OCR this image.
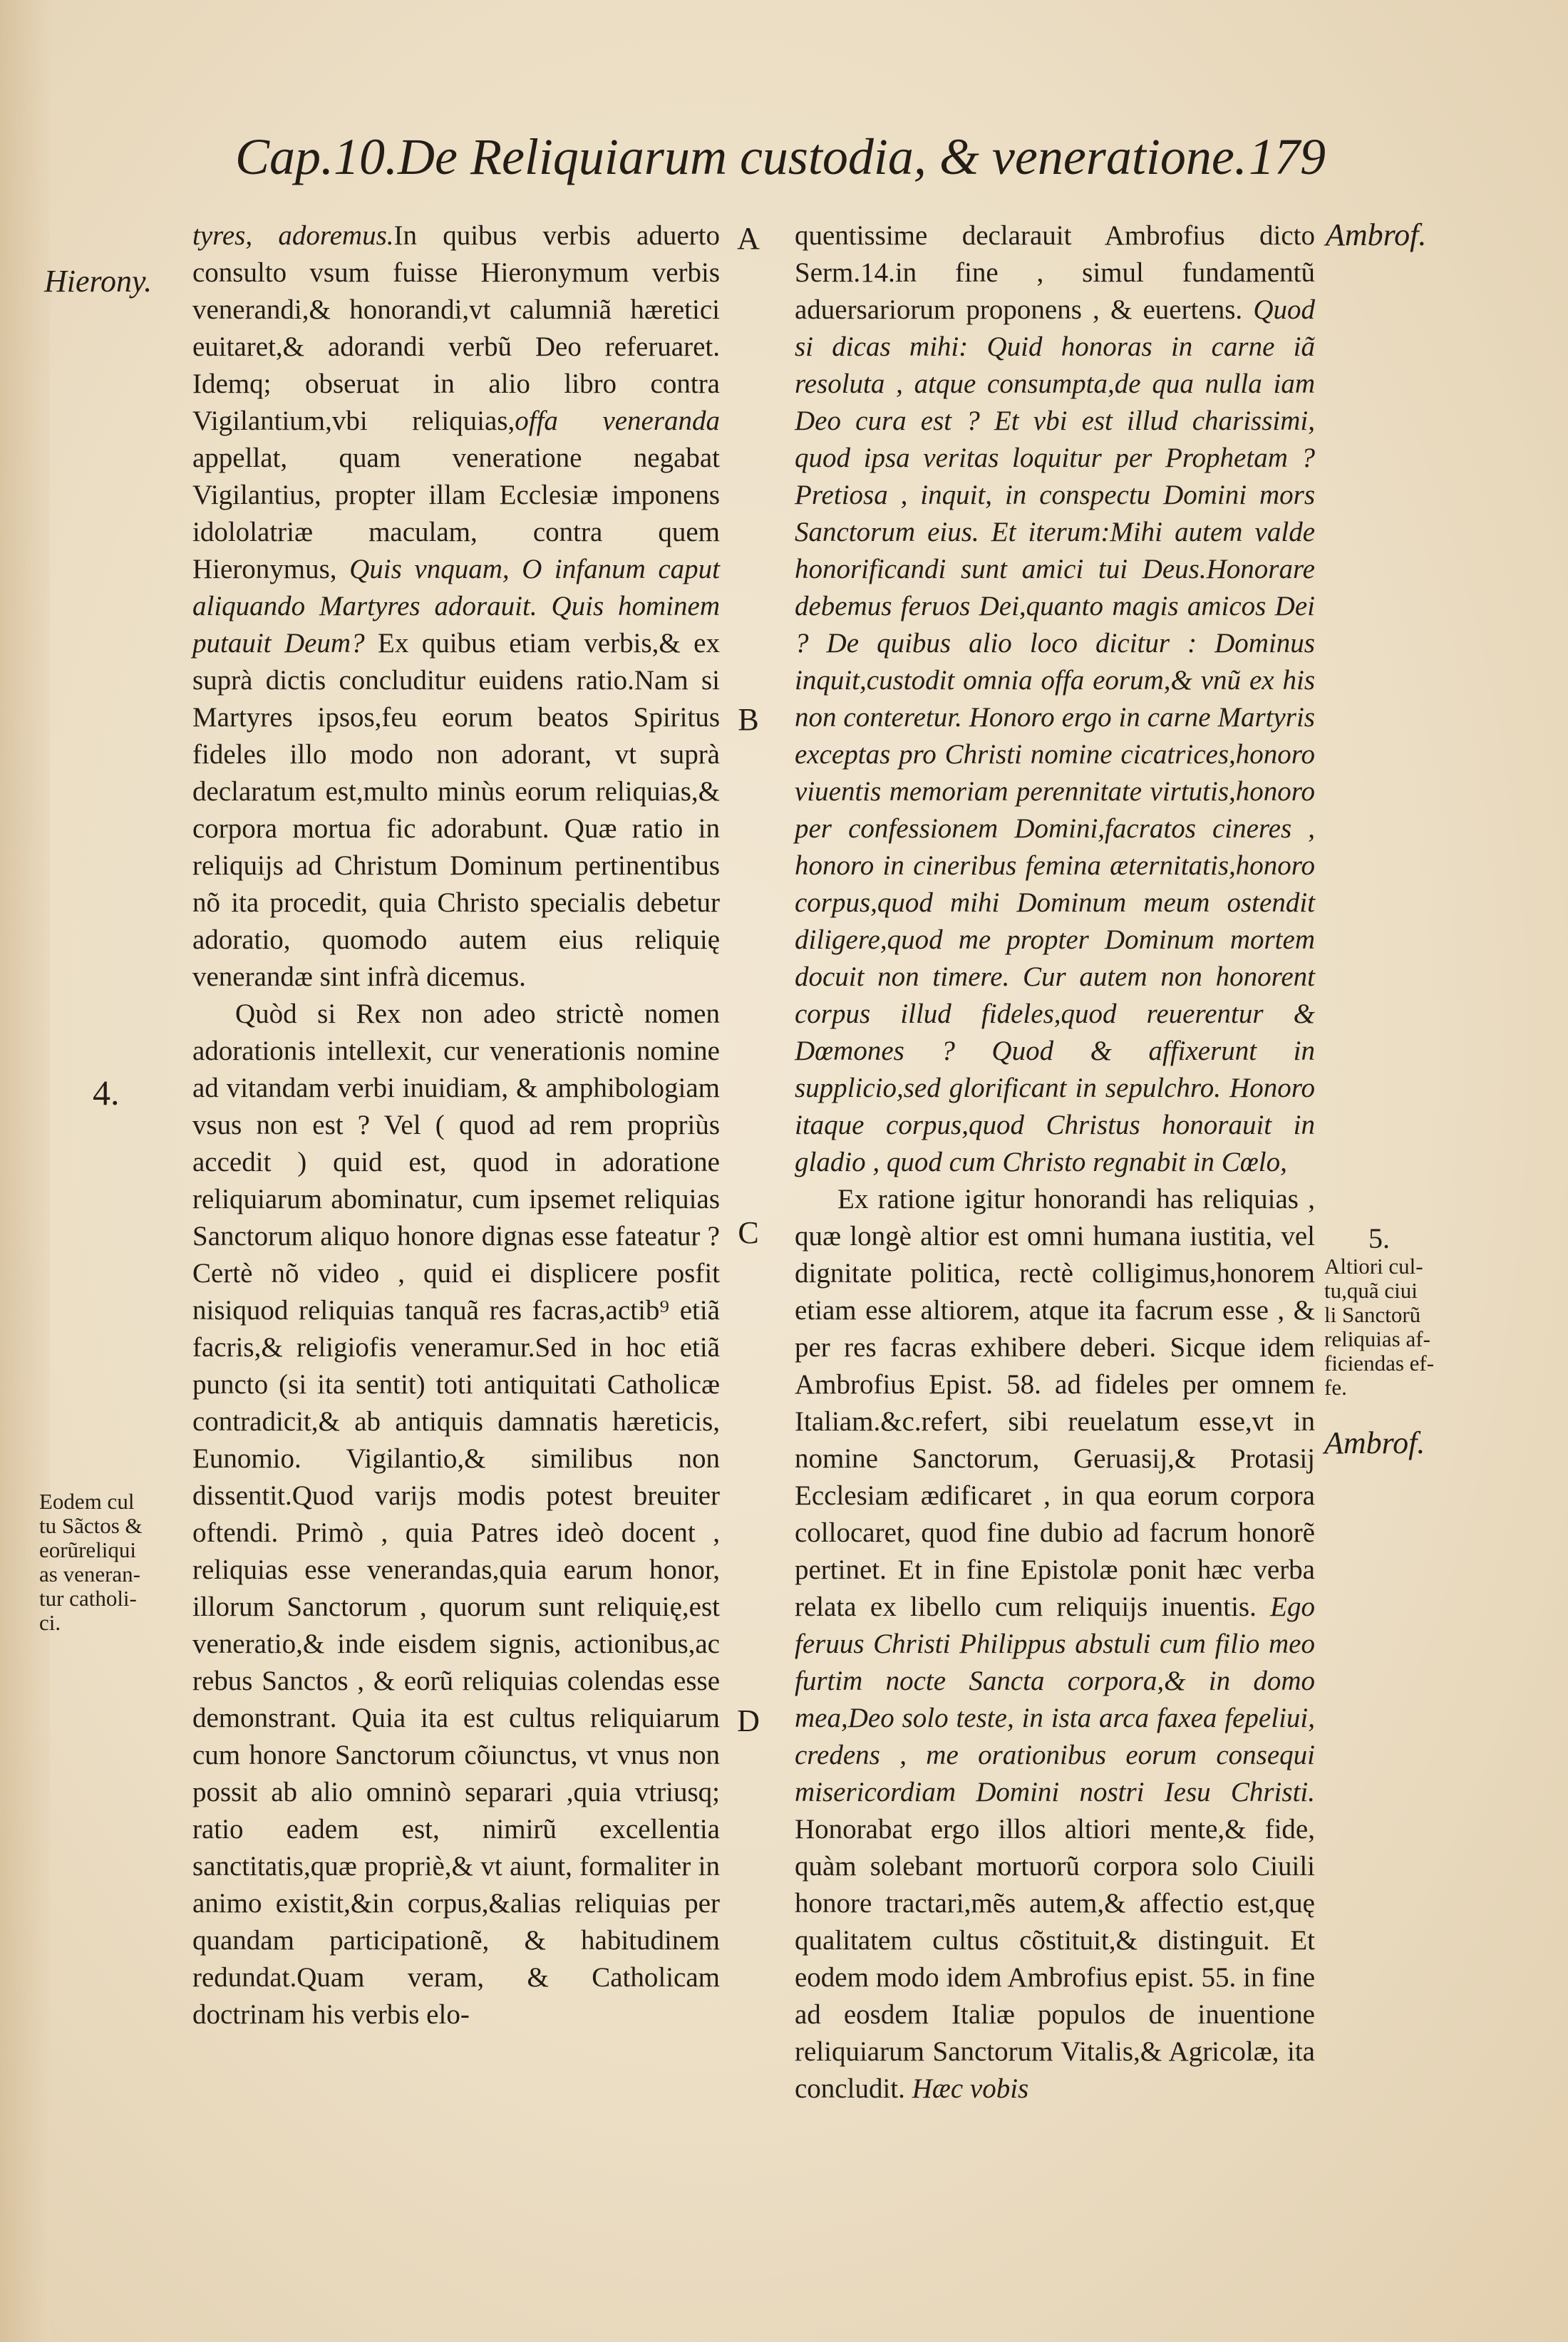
Cap.10.De Reliquiarum custodia, & veneratione. 179
Hierony.
4.
Eodem cul
tu Sãctos &
eorũreliqui
as veneran-
tur catholi-
ci.
A
B
C
D

tyres, adoremus.In quibus verbis aduerto consulto vsum fuisse Hieronymum verbis venerandi,& honorandi,vt calumniã hæretici euitaret,& adorandi verbũ Deo referuaret. Idemq; obseruat in alio libro contra Vigilantium,vbi reliquias,offa veneranda appellat, quam veneratione negabat Vigilantius, propter illam Ecclesiæ imponens idololatriæ maculam, contra quem Hieronymus, Quis vnquam, O infanum caput aliquando Martyres adorauit. Quis hominem putauit Deum? Ex quibus etiam verbis,& ex suprà dictis concluditur euidens ratio.Nam si Martyres ipsos,feu eorum beatos Spiritus fideles illo modo non adorant, vt suprà declaratum est,multo minùs eorum reliquias,& corpora mortua fic adorabunt. Quæ ratio in reliquijs ad Christum Dominum pertinentibus nõ ita procedit, quia Christo specialis debetur adoratio, quomodo autem eius reliquię venerandæ sint infrà dicemus.

Quòd si Rex non adeo strictè nomen adorationis intellexit, cur venerationis nomine ad vitandam verbi inuidiam, & amphibologiam vsus non est ? Vel ( quod ad rem propriùs accedit ) quid est, quod in adoratione reliquiarum abominatur, cum ipsemet reliquias Sanctorum aliquo honore dignas esse fateatur ? Certè nõ video , quid ei displicere posfit nisiquod reliquias tanquã res facras,actib⁹ etiã facris,& religiofis veneramur.Sed in hoc etiã puncto (si ita sentit) toti antiquitati Catholicæ contradicit,& ab antiquis damnatis hæreticis, Eunomio. Vigilantio,& similibus non dissentit.Quod varijs modis potest breuiter oftendi. Primò , quia Patres ideò docent , reliquias esse venerandas,quia earum honor, illorum Sanctorum , quorum sunt reliquię,est veneratio,& inde eisdem signis, actionibus,ac rebus Sanctos , & eorũ reliquias colendas esse demonstrant. Quia ita est cultus reliquiarum cum honore Sanctorum cõiunctus, vt vnus non possit ab alio omninò separari ,quia vtriusq; ratio eadem est, nimirũ excellentia sanctitatis,quæ propriè,& vt aiunt, formaliter in animo existit,&in corpus,&alias reliquias per quandam participationẽ, & habitudinem redundat.Quam veram, & Catholicam doctrinam his verbis elo-

quentissime declarauit Ambrofius dicto Serm.14.in fine , simul fundamentũ aduersariorum proponens , & euertens. Quod si dicas mihi: Quid honoras in carne iã resoluta , atque consumpta,de qua nulla iam Deo cura est ? Et vbi est illud charissimi, quod ipsa veritas loquitur per Prophetam ? Pretiosa , inquit, in conspectu Domini mors Sanctorum eius. Et iterum:Mihi autem valde honorificandi sunt amici tui Deus.Honorare debemus feruos Dei,quanto magis amicos Dei ? De quibus alio loco dicitur : Dominus inquit,custodit omnia offa eorum,& vnũ ex his non conteretur. Honoro ergo in carne Martyris exceptas pro Christi nomine cicatrices,honoro viuentis memoriam perennitate virtutis,honoro per confessionem Domini,facratos cineres , honoro in cineribus femina æternitatis,honoro corpus,quod mihi Dominum meum ostendit diligere,quod me propter Dominum mortem docuit non timere. Cur autem non honorent corpus illud fideles,quod reuerentur & Dœmones ? Quod & affixerunt in supplicio,sed glorificant in sepulchro. Honoro itaque corpus,quod Christus honorauit in gladio , quod cum Christo regnabit in Cœlo,

Ex ratione igitur honorandi has reliquias , quæ longè altior est omni humana iustitia, vel dignitate politica, rectè colligimus,honorem etiam esse altiorem, atque ita facrum esse , & per res facras exhibere deberi. Sicque idem Ambrofius Epist. 58. ad fideles per omnem Italiam.&c.refert, sibi reuelatum esse,vt in nomine Sanctorum, Geruasij,& Protasij Ecclesiam ædificaret , in qua eorum corpora collocaret, quod fine dubio ad facrum honorẽ pertinet. Et in fine Epistolæ ponit hæc verba relata ex libello cum reliquijs inuentis. Ego feruus Christi Philippus abstuli cum filio meo furtim nocte Sancta corpora,& in domo mea,Deo solo teste, in ista arca faxea fepeliui, credens , me orationibus eorum consequi misericordiam Domini nostri Iesu Christi. Honorabat ergo illos altiori mente,& fide, quàm solebant mortuorũ corpora solo Ciuili honore tractari,mẽs autem,& affectio est,quę qualitatem cultus cõstituit,& distinguit. Et eodem modo idem Ambrofius epist. 55. in fine ad eosdem Italiæ populos de inuentione reliquiarum Sanctorum Vitalis,& Agricolæ, ita concludit. Hæc vobis

Ambrof.
5.
Altiori cul-
tu,quã ciui
li Sanctorũ
reliquias af-
ficiendas ef-
fe.
Ambrof.
